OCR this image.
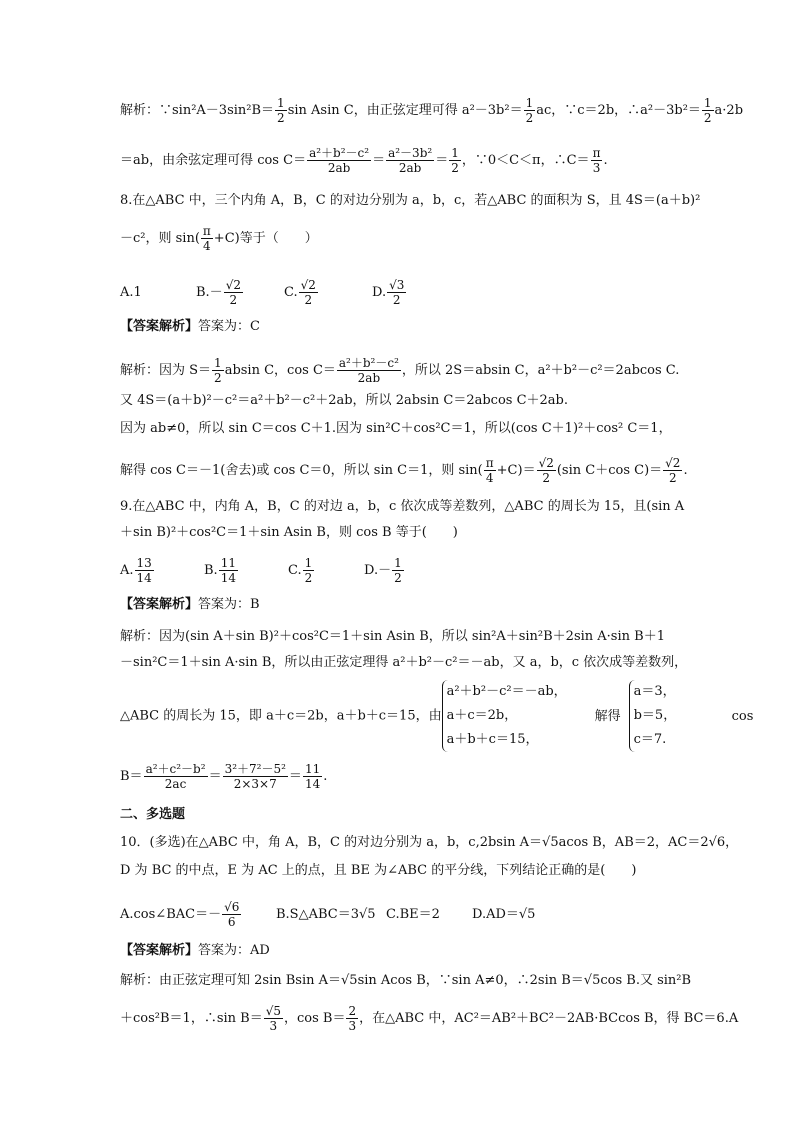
解析：∵sin²A－3sin²B＝ $\frac{1}{2}$ sin Asin C，由正弦定理可得 $a^2-3b^2= \frac{1}{2}$ ac，∵c＝2b，∴a²－3b²＝ $\frac{1}{2} a\cdot 2b$
＝ab，由余弦定理可得 $\cos C= \frac{\text{a²＋b²－c²}}{2ab} = \frac{\text{a²－3b²}}{2ab} = \frac{1}{2}$ ，∵0＜C＜π，∴C＝ $\frac{\pi}{3}$ .
8.在△ABC 中，三个内角 A，B，C 的对边分别为 a，b，c，若△ABC 的面积为 S，且 4S＝(a＋b)²
－c²，则 $\sin( \frac{\pi}{4} +C)$等于（　　）
A.1	$B.- \frac{√2}{2}$	C. $\frac{√2}{2}$	D. $\frac{√3}{2}$
【答案解析】答案为：C
解析：因为 $S= \frac{1}{2}$ absin C，$\cos C= \frac{\text{a²＋b²－c²}}{2ab}$ ，所以 2S＝absin C，a²＋b²－c²＝2abcos C.
又 4S＝(a＋b)²－c²＝a²＋b²－c²＋2ab，所以 2absin C＝2abcos C＋2ab.
因为 ab≠0，所以 sin C＝cos C＋1.因为 sin²C＋cos²C＝1，所以(cos C＋1)²＋cos² C＝1，
解得 cos C＝－1(舍去)或 cos C＝0，所以 sin C＝1，则 $\sin( \frac{\pi}{4} +C)= \frac{√2}{2} (\sin$ C＋cos $C)= \frac{√2}{2}$ .
9.在△ABC 中，内角 A，B，C 的对边 a，b，c 依次成等差数列，△ABC 的周长为 15，且(sin A
＋sin B)²＋cos²C＝1＋sin Asin B，则 cos B 等于(　　)
A. $\frac{13}{14}$	B. $\frac{11}{14}$	C. $\frac{1}{2}$	$D.- \frac{1}{2}$
【答案解析】答案为：B
解析：因为(sin A＋sin B)²＋cos²C＝1＋sin Asin B，所以 sin²A＋sin²B＋2sin A·sin B＋1
－sin²C＝1＋sin A·sin B，所以由正弦定理得 a²＋b²－c²＝－ab，又 a，b，c 依次成等差数列，
△ABC 的周长为 15，即 a＋c＝2b，a＋b＋c＝15，由
a²＋b²－c²＝－ab，
a＋c＝2b，
a＋b＋c＝15，
解得
a＝3，
b＝5，
c＝7.
cos
$B= \frac{\text{a²＋c²－b²}}{2ac} = \frac{\text{3²＋7²－5²}}{2\times 3\times 7} = \frac{11}{14}$ .
二、多选题
10．(多选)在△ABC 中，角 A，B，C 的对边分别为 a，b，c,2bsin A＝√5acos B，AB＝2，AC＝2√6，
D 为 BC 的中点，E 为 AC 上的点，且 BE 为∠ABC 的平分线，下列结论正确的是(　　)
A.cos∠BAC＝－ $\frac{√6}{6}$	B.S△ABC＝3√5 C.BE＝2 D.AD＝√5
【答案解析】答案为：AD
解析：由正弦定理可知 2sin Bsin A＝√5sin Acos B，∵sin A≠0，∴2sin B＝√5cos B.又 sin²B
＋cos²B＝1，∴sin $B= \frac{√5}{3}$ ，$\cos B= \frac{2}{3}$ ，在△ABC 中，AC²＝AB²＋BC²－2AB·BCcos B，得 BC＝6.A
